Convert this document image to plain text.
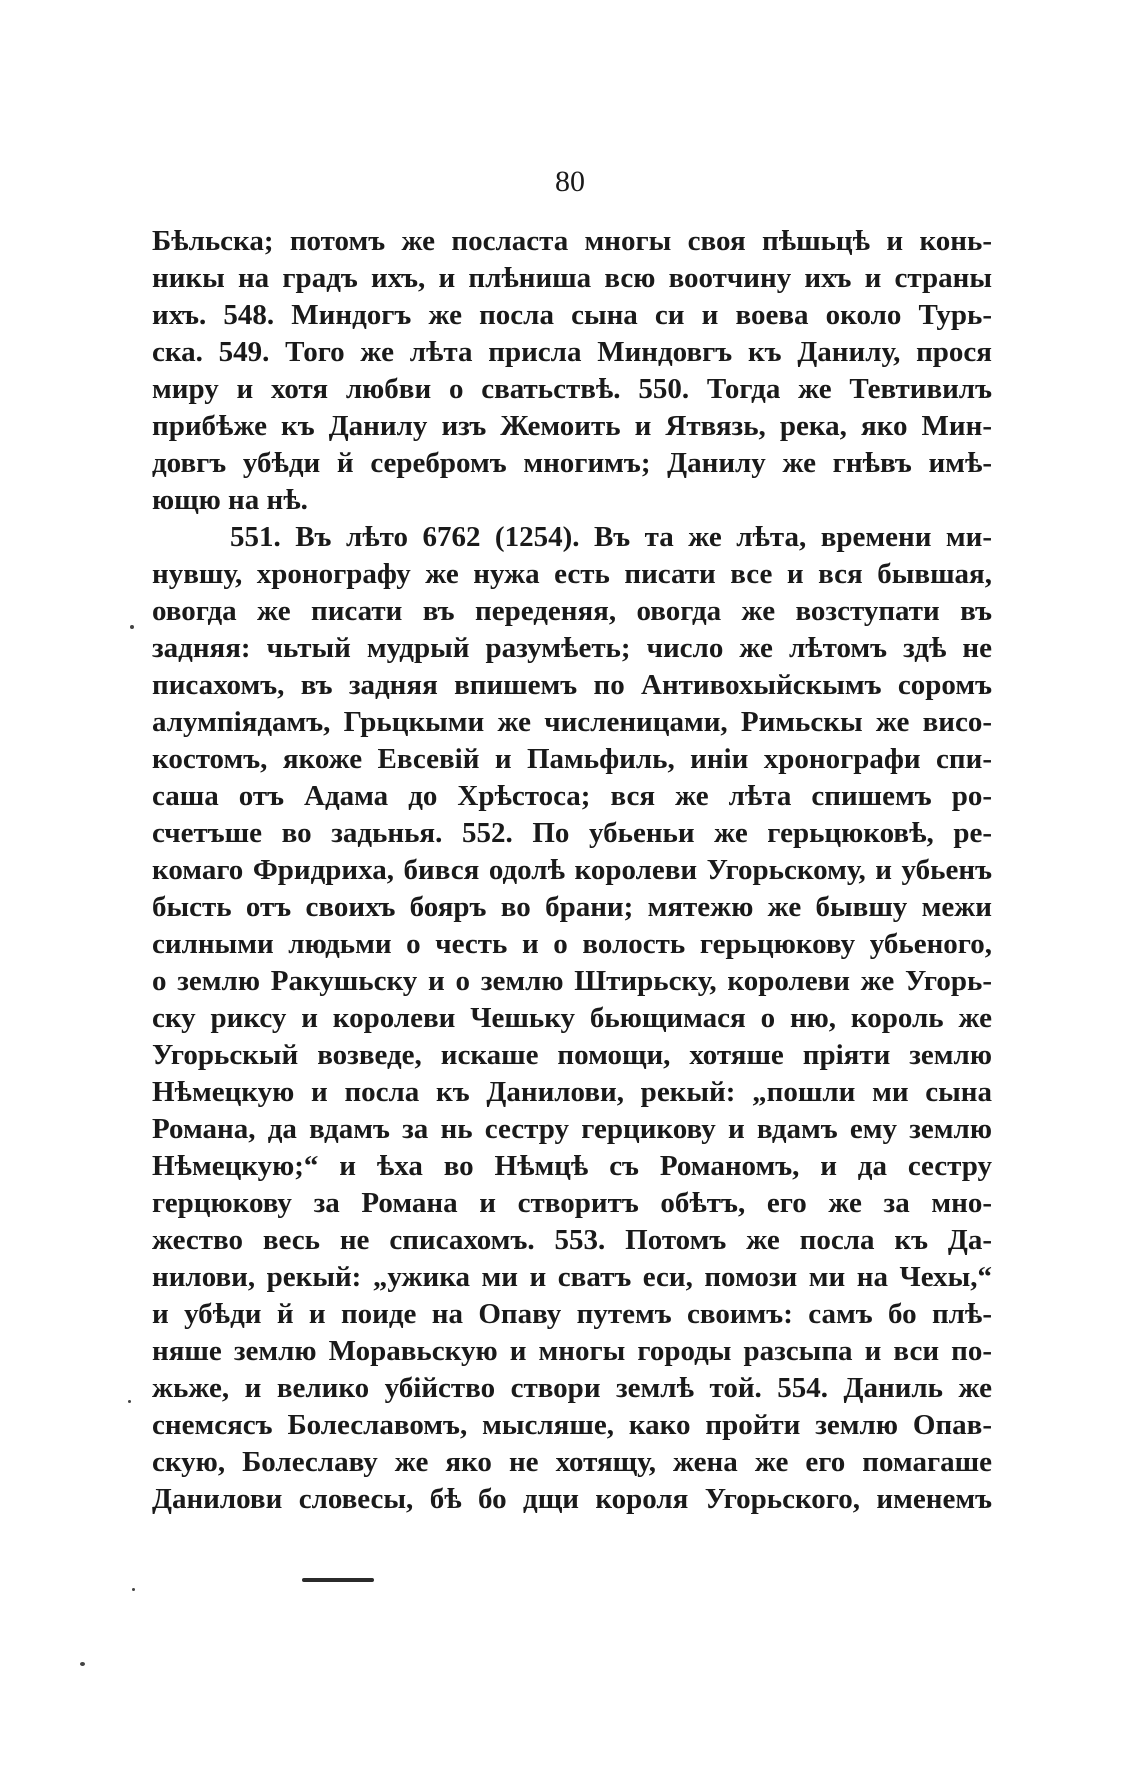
80
Бѣльска; потомъ же посласта многы своя пѣшьцѣ и конь-
никы на градъ ихъ, и плѣниша всю воотчину ихъ и страны
ихъ. 548. Миндогъ же посла сына си и воева около Турь-
ска. 549. Того же лѣта присла Миндовгъ къ Данилу, прося
миру и хотя любви о сватьствѣ. 550. Тогда же Тевтивилъ
прибѣже къ Данилу изъ Жемоить и Ятвязь, река, яко Мин-
довгъ убѣди й серебромъ многимъ; Данилу же гнѣвъ имѣ-
ющю на нѣ.
551. Въ лѣто 6762 (1254). Въ та же лѣта, времени ми-
нувшу, хронографу же нужа есть писати все и вся бывшая,
овогда же писати въ переденяя, овогда же возступати въ
задняя: чьтый мудрый разумѣеть; число же лѣтомъ здѣ не
писахомъ, въ задняя впишемъ по Антивохыйскымъ соромъ
алумпіядамъ, Грьцкыми же численицами, Римьскы же висо-
костомъ, якоже Евсевій и Памьфиль, иніи хронографи спи-
саша отъ Адама до Хрѣстоса; вся же лѣта спишемъ ро-
счетъше во задьнья. 552. По убьеньи же герьцюковѣ, ре-
комаго Фридриха, бився одолѣ королеви Угорьскому, и убьенъ
бысть отъ своихъ бояръ во брани; мятежю же бывшу межи
силными людьми о честь и о волость герьцюкову убьеного,
о землю Ракушьску и о землю Штирьску, королеви же Угорь-
ску риксу и королеви Чешьку бьющимася о ню, король же
Угорьскый возведе, искаше помощи, хотяше пріяти землю
Нѣмецкую и посла къ Данилови, рекый: „пошли ми сына
Романа, да вдамъ за нь сестру герцикову и вдамъ ему землю
Нѣмецкую;“ и ѣха во Нѣмцѣ съ Романомъ, и да сестру
герцюкову за Романа и створитъ обѣтъ, его же за мно-
жество весь не списахомъ. 553. Потомъ же посла къ Да-
нилови, рекый: „ужика ми и сватъ еси, помози ми на Чехы,“
и убѣди й и поиде на Опаву путемъ своимъ: самъ бо плѣ-
няше землю Моравьскую и многы городы разсыпа и вси по-
жьже, и велико убійство створи землѣ той. 554. Даниль же
снемсясъ Болеславомъ, мысляше, како пройти землю Опав-
скую, Болеславу же яко не хотящу, жена же его помагаше
Данилови словесы, бѣ бо дщи короля Угорьского, именемъ
